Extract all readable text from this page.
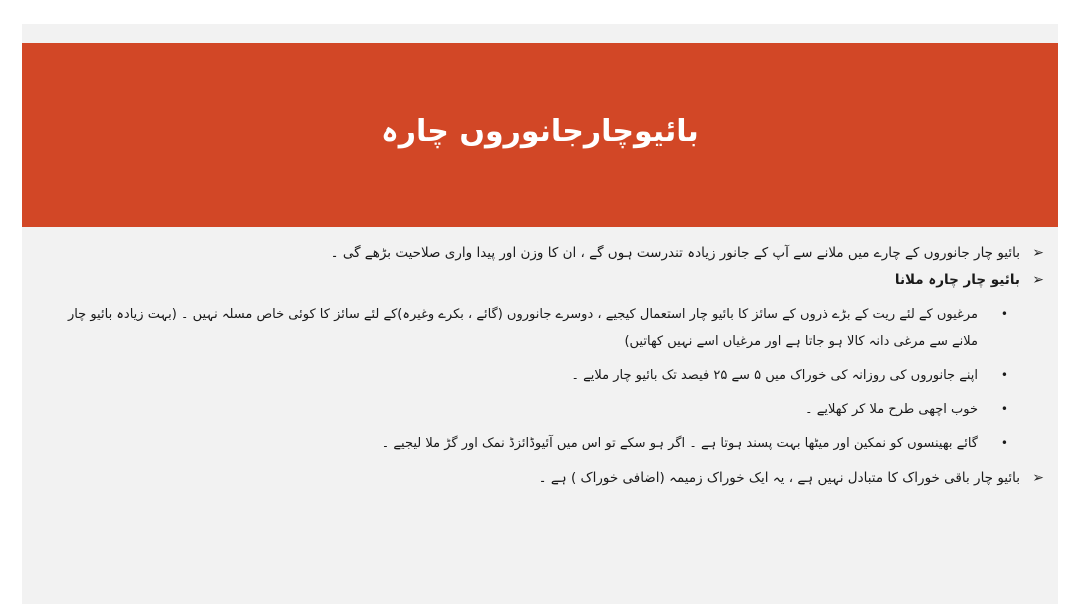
بائیوچارجانوروں چارہ
➢
بائیو چار جانوروں کے چارے میں ملانے سے آپ کے جانور زیادہ تندرست ہوں گے ، ان کا وزن اور پیدا واری صلاحیت بڑھے گی ۔
➢
بائیو چار چارہ ملانا
•
مرغیوں کے لئے ریت کے بڑے ذروں کے سائز کا بائیو چار استعمال کیجیے ، دوسرے جانوروں (گائے ، بکرے وغیرہ)کے لئے سائز کا کوئی خاص مسلہ نہیں ۔ (بہت زیادہ بائیو چار ملانے سے مرغی دانہ کالا ہو جاتا ہے اور مرغیاں اسے نہیں کھاتیں)
•
اپنے جانوروں کی روزانہ کی خوراک میں ۵ سے ۲۵ فیصد تک بائیو چار ملایے ۔
•
خوب اچھی طرح ملا کر کھلایے ۔
•
گائے بھینسوں کو نمکین اور میٹھا بہت پسند ہوتا ہے ۔ اگر ہو سکے تو اس میں آئیوڈائزڈ نمک اور گڑ ملا لیجیے ۔
➢
بائیو چار باقی خوراک کا متبادل نہیں ہے ، یہ ایک خوراک زمیمہ (اضافی خوراک ) ہے ۔
